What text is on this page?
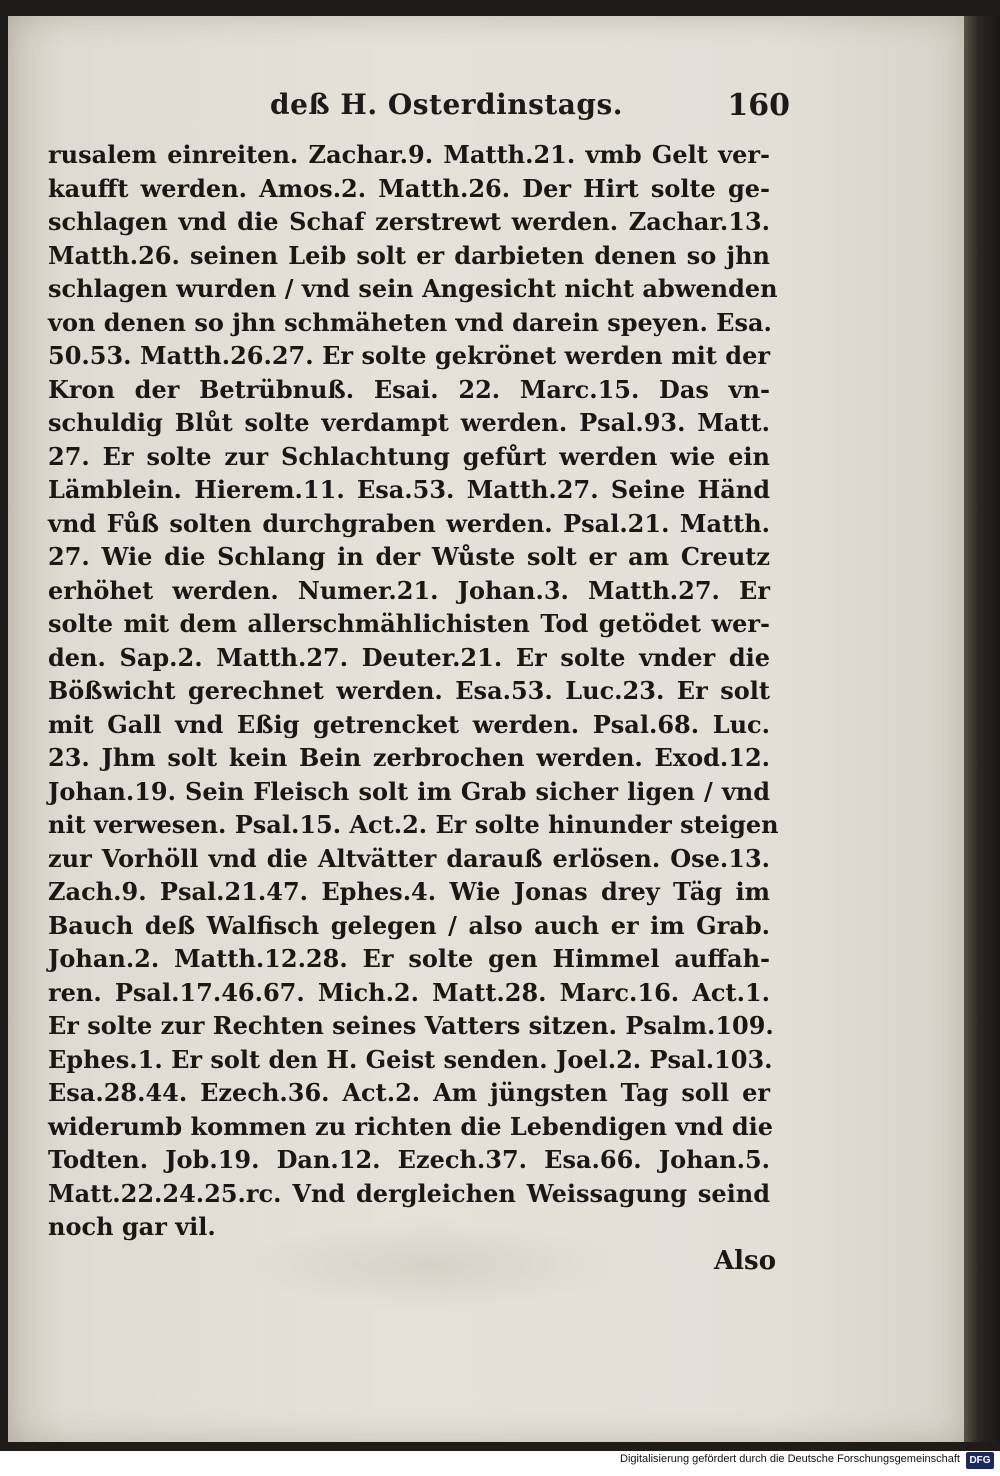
deß H. Osterdinstags.	160
rusalem einreiten. Zachar.9. Matth.21. vmb Gelt ver-
kaufft werden. Amos.2. Matth.26. Der Hirt solte ge-
schlagen vnd die Schaf zerstrewt werden. Zachar.13.
Matth.26. seinen Leib solt er darbieten denen so jhn
schlagen wurden / vnd sein Angesicht nicht abwenden
von denen so jhn schmäheten vnd darein speyen. Esa.
50.53. Matth.26.27. Er solte gekrönet werden mit der
Kron der Betrübnuß. Esai. 22. Marc.15. Das vn-
schuldig Blůt solte verdampt werden. Psal.93. Matt.
27. Er solte zur Schlachtung gefůrt werden wie ein
Lämblein. Hierem.11. Esa.53. Matth.27. Seine Händ
vnd Fůß solten durchgraben werden. Psal.21. Matth.
27. Wie die Schlang in der Wůste solt er am Creutz
erhöhet werden. Numer.21. Johan.3. Matth.27. Er
solte mit dem allerschmählichisten Tod getödet wer-
den. Sap.2. Matth.27. Deuter.21. Er solte vnder die
Bößwicht gerechnet werden. Esa.53. Luc.23. Er solt
mit Gall vnd Eßig getrencket werden. Psal.68. Luc.
23. Jhm solt kein Bein zerbrochen werden. Exod.12.
Johan.19. Sein Fleisch solt im Grab sicher ligen / vnd
nit verwesen. Psal.15. Act.2. Er solte hinunder steigen
zur Vorhöll vnd die Altvätter darauß erlösen. Ose.13.
Zach.9. Psal.21.47. Ephes.4. Wie Jonas drey Täg im
Bauch deß Walfisch gelegen / also auch er im Grab.
Johan.2. Matth.12.28. Er solte gen Himmel auffah-
ren. Psal.17.46.67. Mich.2. Matt.28. Marc.16. Act.1.
Er solte zur Rechten seines Vatters sitzen. Psalm.109.
Ephes.1. Er solt den H. Geist senden. Joel.2. Psal.103.
Esa.28.44. Ezech.36. Act.2. Am jüngsten Tag soll er
widerumb kommen zu richten die Lebendigen vnd die
Todten. Job.19. Dan.12. Ezech.37. Esa.66. Johan.5.
Matt.22.24.25.rc. Vnd dergleichen Weissagung seind
noch gar vil.
Also
Digitalisierung gefördert durch die Deutsche Forschungsgemeinschaft DFG
